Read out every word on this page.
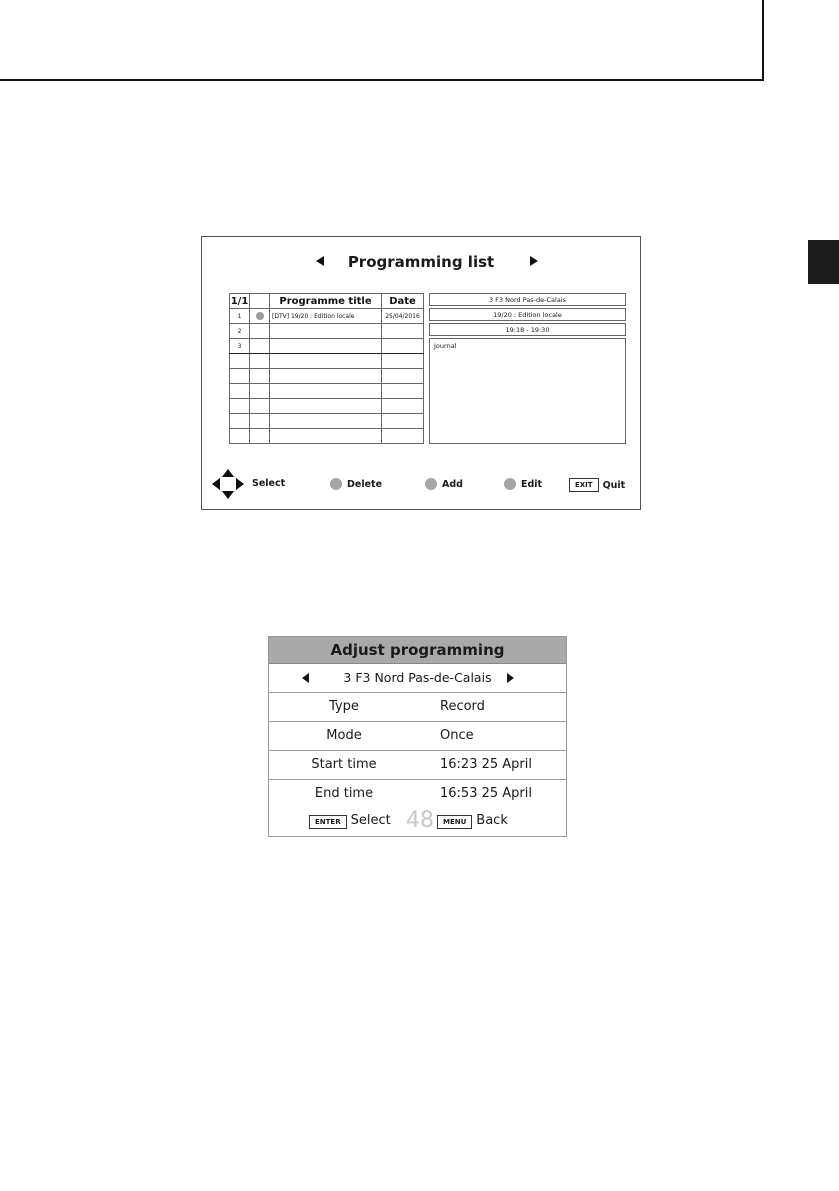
Programming list
1/1		Programme title	Date
1		[DTV] 19/20 : Edition locale	25/04/2016
2			
3			

3 F3 Nord Pas-de-Calais
19/20 : Edition locale
19:18 - 19:30
Journal
Select	Delete	Add	Edit	EXIT	Quit
Adjust programming
3 F3 Nord Pas-de-Calais
Type	Record
Mode	Once
Start time	16:23 25 April
End time	16:53 25 April
ENTER Select 48	MENU Back
